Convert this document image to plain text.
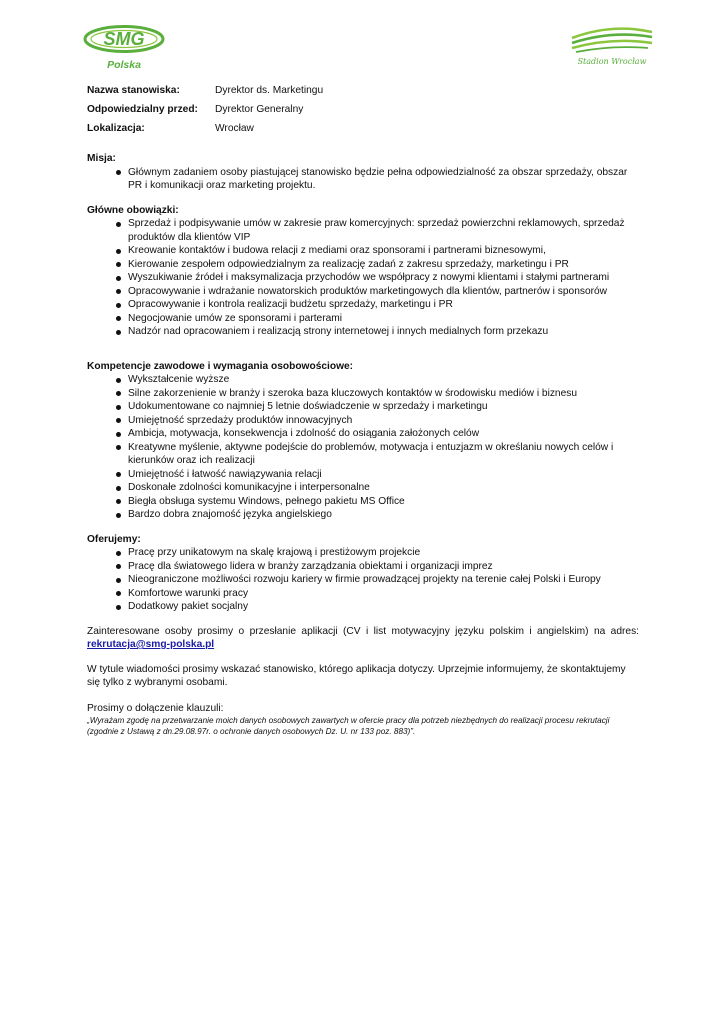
SMG
Polska	Stadion Wrocław
Nazwa stanowiska:	Dyrektor ds. Marketingu
Odpowiedzialny przed:	Dyrektor Generalny
Lokalizacja:	Wrocław
Misja:
Głównym zadaniem osoby piastującej stanowisko będzie pełna odpowiedzialność za obszar sprzedaży, obszar PR i komunikacji oraz marketing projektu.
Główne obowiązki:
Sprzedaż i podpisywanie umów w zakresie praw komercyjnych: sprzedaż powierzchni reklamowych, sprzedaż produktów dla klientów VIP
Kreowanie kontaktów i budowa relacji z mediami oraz sponsorami i partnerami biznesowymi,
Kierowanie zespołem odpowiedzialnym za realizację zadań z zakresu sprzedaży, marketingu i PR
Wyszukiwanie źródeł i maksymalizacja przychodów we współpracy z nowymi klientami i stałymi partnerami
Opracowywanie i wdrażanie nowatorskich produktów marketingowych dla klientów, partnerów i sponsorów
Opracowywanie i kontrola realizacji budżetu sprzedaży, marketingu i PR
Negocjowanie umów ze sponsorami i parterami
Nadzór nad opracowaniem i realizacją strony internetowej i innych medialnych form przekazu
Kompetencje zawodowe i wymagania osobowościowe:
Wykształcenie wyższe
Silne zakorzenienie w branży i szeroka baza kluczowych kontaktów w środowisku mediów i biznesu
Udokumentowane co najmniej 5 letnie doświadczenie w sprzedaży i marketingu
Umiejętność sprzedaży produktów innowacyjnych
Ambicja, motywacja, konsekwencja i zdolność do osiągania założonych celów
Kreatywne myślenie, aktywne podejście do problemów, motywacja i entuzjazm w określaniu nowych celów i kierunków oraz ich realizacji
Umiejętność i łatwość nawiązywania relacji
Doskonałe zdolności komunikacyjne i interpersonalne
Biegła obsługa systemu Windows, pełnego pakietu MS Office
Bardzo dobra znajomość języka angielskiego
Oferujemy:
Pracę przy unikatowym na skalę krajową i prestiżowym projekcie
Pracę dla światowego lidera w branży zarządzania obiektami i organizacji imprez
Nieograniczone możliwości rozwoju kariery w firmie prowadzącej projekty na terenie całej Polski i Europy
Komfortowe warunki pracy
Dodatkowy pakiet socjalny

Zainteresowane osoby prosimy o przesłanie aplikacji (CV i list motywacyjny języku polskim i angielskim) na adres: rekrutacja@smg-polska.pl

W tytule wiadomości prosimy wskazać stanowisko, którego aplikacja dotyczy. Uprzejmie informujemy, że skontaktujemy się tylko z wybranymi osobami.

Prosimy o dołączenie klauzuli:
„Wyrażam zgodę na przetwarzanie moich danych osobowych zawartych w ofercie pracy dla potrzeb niezbędnych do realizacji procesu rekrutacji (zgodnie z Ustawą z dn.29.08.97r. o ochronie danych osobowych Dz. U. nr 133 poz. 883)”.
